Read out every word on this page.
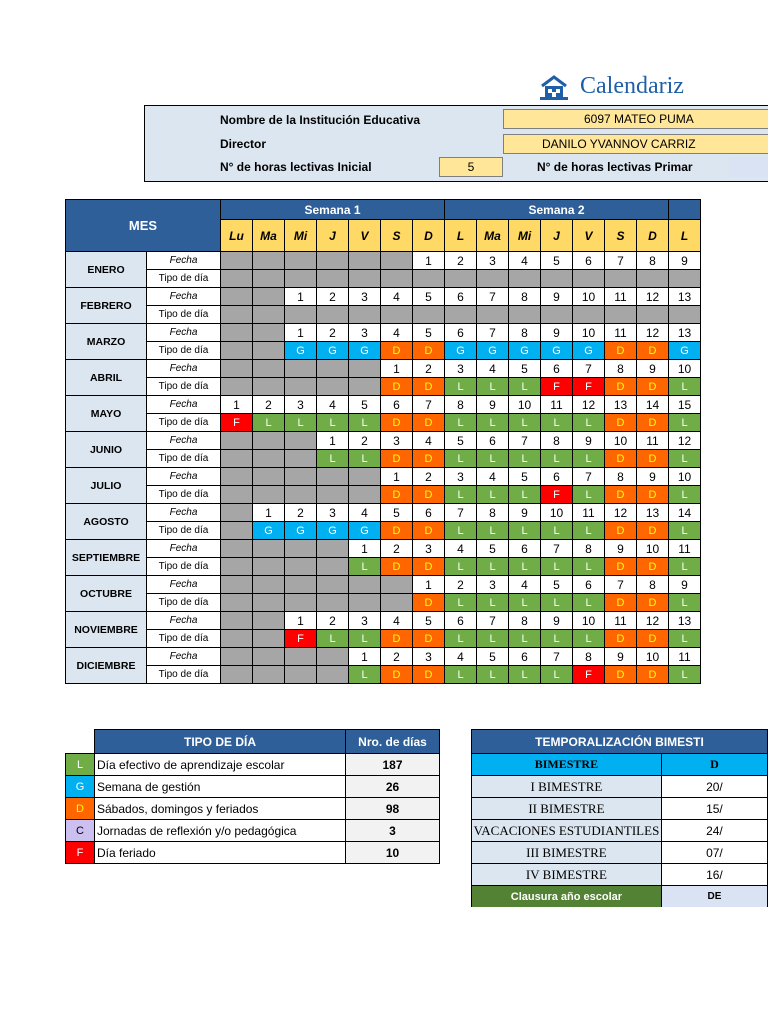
Calendariz
Nombre de la Institución Educativa	6097 MATEO PUMA
Director	DANILO YVANNOV CARRIZ
N° de horas lectivas Inicial	5	N° de horas lectivas Primar
MES		Semana 1							Semana 2							
		Lu	Ma	Mi	J	V	S	D	L	Ma	Mi	J	V	S	D	L
ENERO	Fecha							1	2	3	4	5	6	7	8	9
	Tipo de día															
FEBRERO	Fecha			1	2	3	4	5	6	7	8	9	10	11	12	13
	Tipo de día															
MARZO	Fecha			1	2	3	4	5	6	7	8	9	10	11	12	13
	Tipo de día			G	G	G	D	D	G	G	G	G	G	D	D	G
ABRIL	Fecha						1	2	3	4	5	6	7	8	9	10
	Tipo de día						D	D	L	L	L	F	F	D	D	L
MAYO	Fecha	1	2	3	4	5	6	7	8	9	10	11	12	13	14	15
	Tipo de día	F	L	L	L	L	D	D	L	L	L	L	L	D	D	L
JUNIO	Fecha				1	2	3	4	5	6	7	8	9	10	11	12
	Tipo de día				L	L	D	D	L	L	L	L	L	D	D	L
JULIO	Fecha						1	2	3	4	5	6	7	8	9	10
	Tipo de día						D	D	L	L	L	F	L	D	D	L
AGOSTO	Fecha		1	2	3	4	5	6	7	8	9	10	11	12	13	14
	Tipo de día		G	G	G	G	D	D	L	L	L	L	L	D	D	L
SEPTIEMBRE	Fecha					1	2	3	4	5	6	7	8	9	10	11
	Tipo de día					L	D	D	L	L	L	L	L	D	D	L
OCTUBRE	Fecha							1	2	3	4	5	6	7	8	9
	Tipo de día							D	L	L	L	L	L	D	D	L
NOVIEMBRE	Fecha			1	2	3	4	5	6	7	8	9	10	11	12	13
	Tipo de día			F	L	L	D	D	L	L	L	L	L	D	D	L
DICIEMBRE	Fecha					1	2	3	4	5	6	7	8	9	10	11
	Tipo de día					L	D	D	L	L	L	L	F	D	D	L
	TIPO DE DÍA	Nro. de días
L	Día efectivo de aprendizaje escolar	187
G	Semana de gestión	26
D	Sábados, domingos y feriados	98
C	Jornadas de reflexión y/o pedagógica	3
F	Día feriado	10
TEMPORALIZACIÓN BIMESTI	
BIMESTRE	D
I BIMESTRE	20/
II BIMESTRE	15/
VACACIONES ESTUDIANTILES	24/
III BIMESTRE	07/
IV BIMESTRE	16/
Clausura año escolar	DE
